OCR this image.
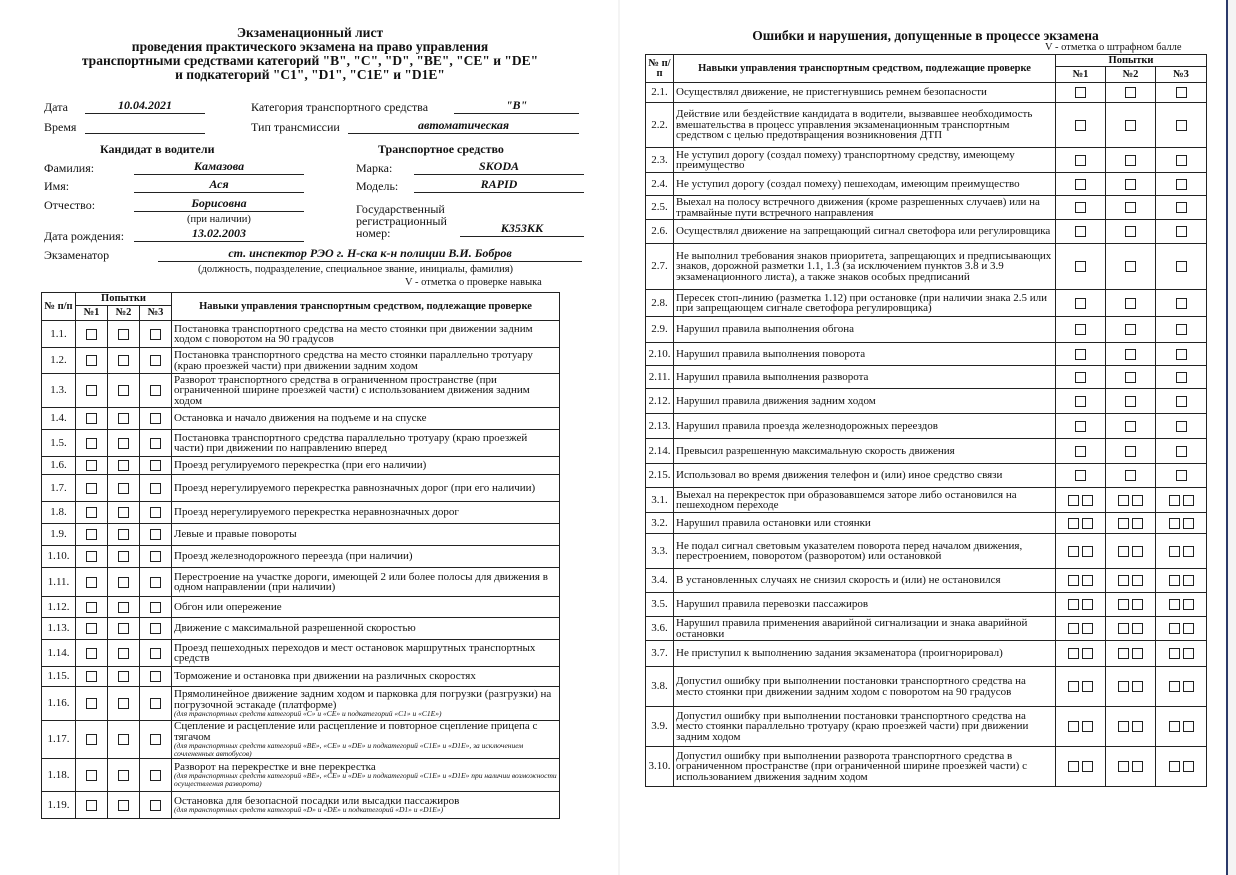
Экзаменационный лист
проведения практического экзамена на право управления
транспортными средствами категорий "B", "C", "D", "BE", "CE" и "DE"
и подкатегорий "C1", "D1", "C1E" и "D1E"
Дата	10.04.2021	Категория транспортного средства	"B"
Время	Тип трансмиссии	автоматическая
Кандидат в водители	Транспортное средство
Фамилия:	Камазова	Марка:	SKODA
Имя:	Ася	Модель:	RAPID
Отчество:	Борисовна
(при наличии)
Государственный
регистрационный
номер:	К353КК
Дата рождения:	13.02.2003
Экзаменатор	ст. инспектор РЭО г. Н-ска к-н полиции В.И. Бобров
(должность, подразделение, специальное звание, инициалы, фамилия)
V - отметка о проверке навыка
№ п/п	Попытки			Навыки управления транспортным средством, подлежащие проверке
	№1	№2	№3	
1.1.				Постановка транспортного средства на место стоянки при движении задним ходом с поворотом на 90 градусов
1.2.				Постановка транспортного средства на место стоянки параллельно тротуару (краю проезжей части) при движении задним ходом
1.3.				Разворот транспортного средства в ограниченном пространстве (при ограниченной ширине проезжей части) с использованием движения задним ходом
1.4.				Остановка и начало движения на подъеме и на спуске
1.5.				Постановка транспортного средства параллельно тротуару (краю проезжей части) при движении по направлению вперед
1.6.				Проезд регулируемого перекрестка (при его наличии)
1.7.				Проезд нерегулируемого перекрестка равнозначных дорог (при его наличии)
1.8.				Проезд нерегулируемого перекрестка неравнозначных дорог
1.9.				Левые и правые повороты
1.10.				Проезд железнодорожного переезда (при наличии)
1.11.				Перестроение на участке дороги, имеющей 2 или более полосы для движения в одном направлении (при наличии)
1.12.				Обгон или опережение
1.13.				Движение с максимальной разрешенной скоростью
1.14.				Проезд пешеходных переходов и мест остановок маршрутных транспортных средств
1.15.				Торможение и остановка при движении на различных скоростях
1.16.				Прямолинейное движение задним ходом и парковка для погрузки (разгрузки) на погрузочной эстакаде (платформе)
(для транспортных средств категорий «C» и «CE» и подкатегорий «C1» и «C1E»)

1.17.				Сцепление и расцепление или расцепление и повторное сцепление прицепа с тягачом
(для транспортных средств категорий «BE», «CE» и «DE» и подкатегорий «C1E» и «D1E», за исключением сочлененных автобусов)

1.18.				Разворот на перекрестке и вне перекрестка
(для транспортных средств категорий «BE», «CE» и «DE» и подкатегорий «C1E» и «D1E» при наличии возможности осуществления разворота)

1.19.				Остановка для безопасной посадки или высадки пассажиров
(для транспортных средств категорий «D» и «DE» и подкатегорий «D1» и «D1E»)
Ошибки и нарушения, допущенные в процессе экзамена
V - отметка о штрафном балле
№ п/п	Навыки управления транспортным средством, подлежащие проверке	Попытки		
		№1	№2	№3
2.1.	Осуществлял движение, не пристегнувшись ремнем безопасности			
2.2.	Действие или бездействие кандидата в водители, вызвавшее необходимость вмешательства в процесс управления экзаменационным транспортным средством с целью предотвращения возникновения ДТП			
2.3.	Не уступил дорогу (создал помеху) транспортному средству, имеющему преимущество			
2.4.	Не уступил дорогу (создал помеху) пешеходам, имеющим преимущество			
2.5.	Выехал на полосу встречного движения (кроме разрешенных случаев) или на трамвайные пути встречного направления			
2.6.	Осуществлял движение на запрещающий сигнал светофора или регулировщика			
2.7.	Не выполнил требования знаков приоритета, запрещающих и предписывающих знаков, дорожной разметки 1.1, 1.3 (за исключением пунктов 3.8 и 3.9 экзаменационного листа), а также знаков особых предписаний			
2.8.	Пересек стоп-линию (разметка 1.12) при остановке (при наличии знака 2.5 или при запрещающем сигнале светофора регулировщика)			
2.9.	Нарушил правила выполнения обгона			
2.10.	Нарушил правила выполнения поворота			
2.11.	Нарушил правила выполнения разворота			
2.12.	Нарушил правила движения задним ходом			
2.13.	Нарушил правила проезда железнодорожных переездов			
2.14.	Превысил разрешенную максимальную скорость движения			
2.15.	Использовал во время движения телефон и (или) иное средство связи			
3.1.	Выехал на перекресток при образовавшемся заторе либо остановился на пешеходном переходе			
3.2.	Нарушил правила остановки или стоянки			
3.3.	Не подал сигнал световым указателем поворота перед началом движения, перестроением, поворотом (разворотом) или остановкой			
3.4.	В установленных случаях не снизил скорость и (или) не остановился			
3.5.	Нарушил правила перевозки пассажиров			
3.6.	Нарушил правила применения аварийной сигнализации и знака аварийной остановки			
3.7.	Не приступил к выполнению задания экзаменатора (проигнорировал)			
3.8.	Допустил ошибку при выполнении постановки транспортного средства на место стоянки при движении задним ходом с поворотом на 90 градусов			
3.9.	Допустил ошибку при выполнении постановки транспортного средства на место стоянки параллельно тротуару (краю проезжей части) при движении задним ходом			
3.10.	Допустил ошибку при выполнении разворота транспортного средства в ограниченном пространстве (при ограниченной ширине проезжей части) с использованием движения задним ходом			
